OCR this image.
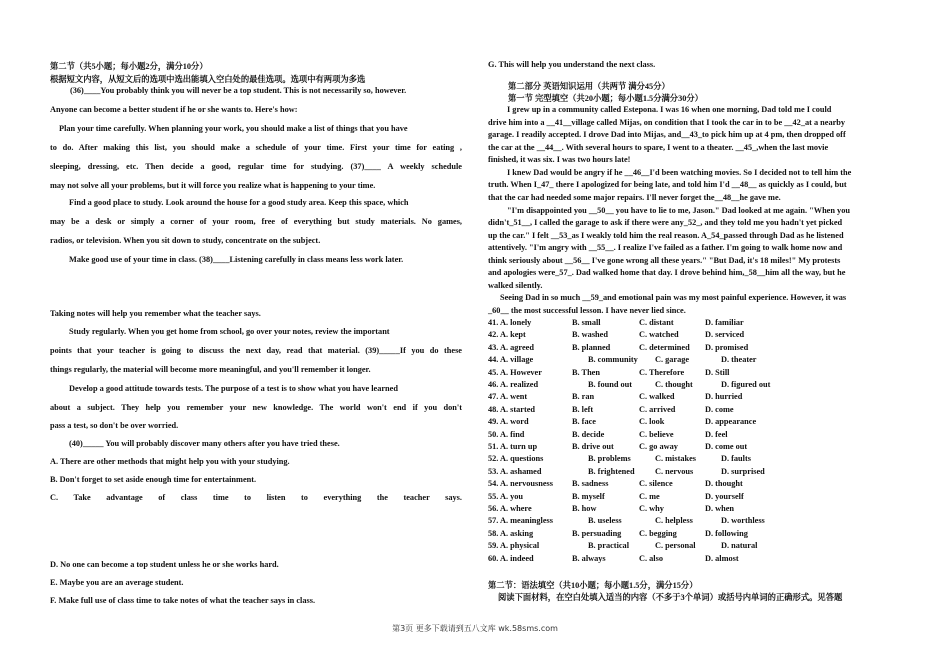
第二节（共5小题；每小题2分，满分10分）
根据短文内容，从短文后的选项中选出能填入空白处的最佳选项。选项中有两项为多选
(36)____You probably think you will never be a top student. This is not necessarily so, however.
Anyone can become a better student if he or she wants to. Here's how:
Plan your time carefully. When planning your work, you should make a list of things that you have
to do. After making this list, you should make a schedule of your time. First your time for eating ,
sleeping, dressing, etc. Then decide a good, regular time for studying. (37)____ A weekly schedule
may not solve all your problems, but it will force you realize what is happening to your time.
Find a good place to study. Look around the house for a good study area. Keep this space, which
may be a desk or simply a corner of your room, free of everything but study materials. No games,
radios, or television. When you sit down to study, concentrate on the subject.
Make good use of your time in class. (38)____Listening carefully in class means less work later.
Taking notes will help you remember what the teacher says.
Study regularly. When you get home from school, go over your notes, review the important
points that your teacher is going to discuss the next day, read that material. (39)_____If you do these
things regularly, the material will become more meaningful, and you'll remember it longer.
Develop a good attitude towards tests. The purpose of a test is to show what you have learned
about a subject. They help you remember your new knowledge. The world won't end if you don't
pass a test, so don't be over worried.
(40)_____ You will probably discover many others after you have tried these.
A. There are other methods that might help you with your studying.
B. Don't forget to set aside enough time for entertainment.
C. Take advantage of class time to listen to everything the teacher says.
D. No one can become a top student unless he or she works hard.
E. Maybe you are an average student.
F. Make full use of class time to take notes of what the teacher says in class.
G. This will help you understand the next class.
第二部分 英语知识运用（共两节 满分45分）
第一节 完型填空（共20小题；每小题1.5分满分30分）
I grew up in a community called Estepona. I was 16 when one morning, Dad told me I could
drive him into a __41__village called Mijas, on condition that I took the car in to be __42_at a nearby
garage. I readily accepted. I drove Dad into Mijas, and__43_to pick him up at 4 pm, then dropped off
the car at the __44__. With several hours to spare, I went to a theater. __45_,when the last movie
finished, it was six. I was two hours late!
I knew Dad would be angry if he __46__I'd been watching movies. So I decided not to tell him the
truth. When I_47_ there I apologized for being late, and told him I'd __48__ as quickly as I could, but
that the car had needed some major repairs. I'll never forget the__48__he gave me.
"I'm disappointed you __50__ you have to lie to me, Jason." Dad looked at me again. "When you
didn't_51__, I called the garage to ask if there were any_52_, and they told me you hadn't yet picked
up the car." I felt __53_as I weakly told him the real reason. A_54_passed through Dad as he listened
attentively. "I'm angry with __55__. I realize I've failed as a father. I'm going to walk home now and
think seriously about __56__ I've gone wrong all these years." "But Dad, it's 18 miles!" My protests
and apologies were_57_. Dad walked home that day. I drove behind him,_58__him all the way, but he
walked silently.
Seeing Dad in so much __59_and emotional pain was my most painful experience. However, it was
_60__ the most successful lesson. I have never lied since.
41. A. lonely	B. small	C. distant	D. familiar
42. A. kept	B. washed	C. watched	D. serviced
43. A. agreed	B. planned	C. determined D. promised
44. A. village	B. community C. garage	D. theater
45. A. However	B. Then	C. Therefore	D. Still
46. A. realized	B. found out	C. thought	D. figured out
47. A. went	B. ran	C. walked	D. hurried
48. A. started	B. left	C. arrived	D. come
49. A. word	B. face	C. look	D. appearance
50. A. find	B. decide	C. believe	D. feel
51. A. turn up	B. drive out	C. go away	D. come out
52. A. questions	B. problems	C. mistakes	D. faults
53. A. ashamed	B. frightened C. nervous	D. surprised
54. A. nervousness B. sadness	C. silence	D. thought
55. A. you	B. myself	C. me	D. yourself
56. A. where	B. how	C. why	D. when
57. A. meaningless	B. useless	C. helpless	D. worthless
58. A. asking	B. persuading C. begging	D. following
59. A. physical	B. practical	C. personal	D. natural
60. A. indeed	B. always	C. also	D. almost
第二节：语法填空（共10小题；每小题1.5分，满分15分）
阅读下面材料，在空白处填入适当的内容（不多于3个单词）或括号内单词的正确形式。见答题
第3页 更多下载请到五八文库 wk.58sms.com
